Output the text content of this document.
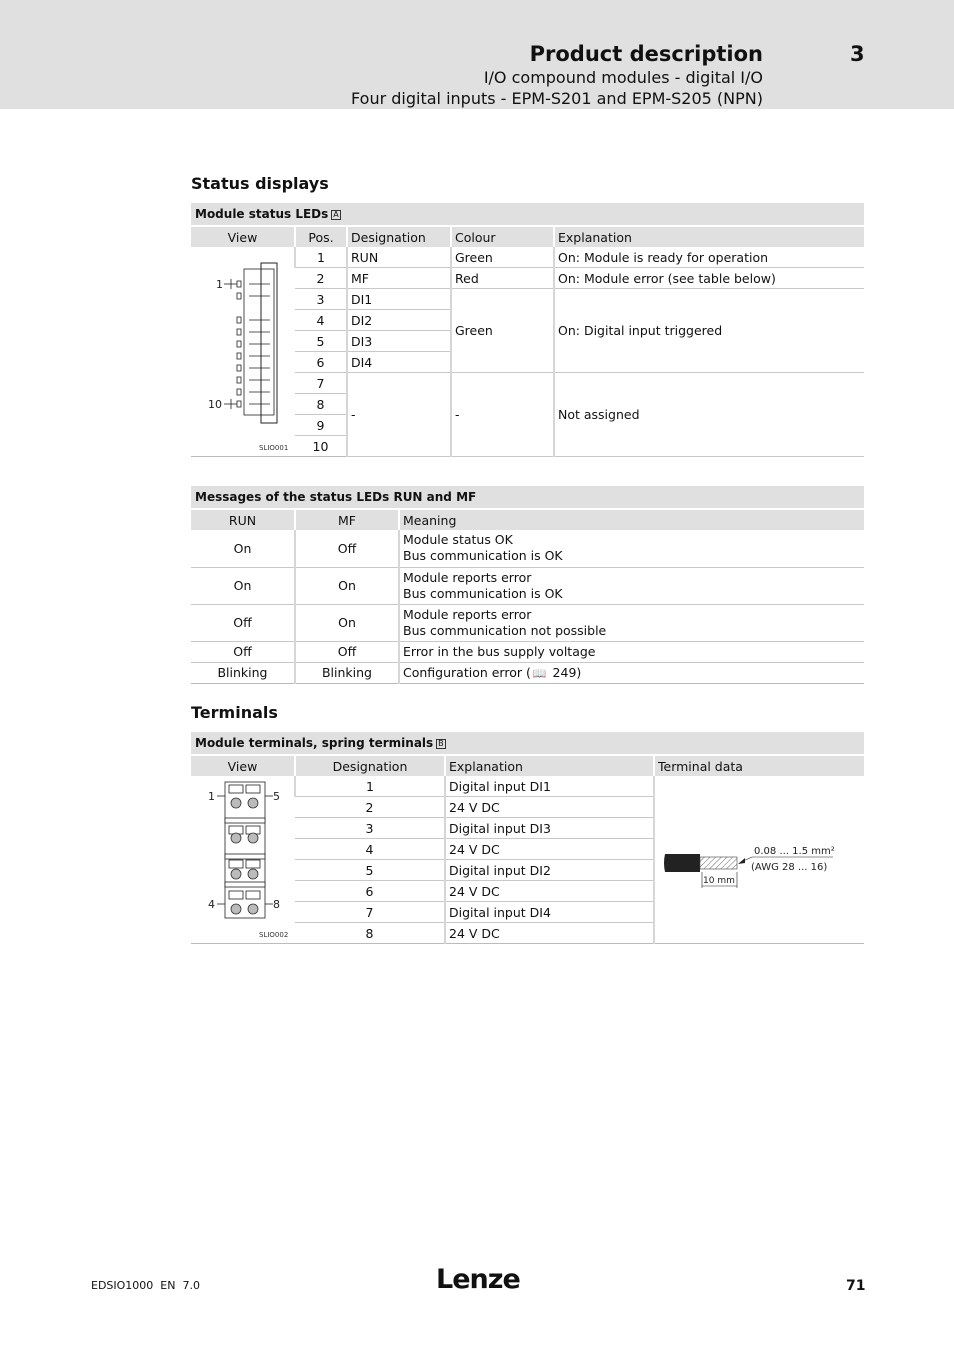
Product description	3
I/O compound modules - digital I/O
Four digital inputs - EPM-S201 and EPM-S205 (NPN)
Status displays
Module status LEDs A
View	Pos.	Designation	Colour	Explanation

1
10
SLIO001	1	RUN	Green	On: Module is ready for operation
	2	MF	Red	On: Module error (see table below)
	3	DI1	Green	On: Digital input triggered
	4	DI2		
	5	DI3		
	6	DI4		
	7	-	-	Not assigned
	8			
	9			
	10			
Messages of the status LEDs RUN and MF
RUN	MF	Meaning
On	Off	Module status OK
Bus communication is OK

On	On	Module reports error
Bus communication is OK

Off	On	Module reports error
Bus communication not possible

Off	Off	Error in the bus supply voltage
Blinking	Blinking	Configuration error ( 📖 249)
Terminals
Module terminals, spring terminals B
View	Designation	Explanation	Terminal data

1 5
4 8
SLIO002	1	Digital input DI1	10 mm
0.08 ... 1.5 mm²
(AWG 28 ... 16)

	2	24 V DC	
	3	Digital input DI3	
	4	24 V DC	
	5	Digital input DI2	
	6	24 V DC	
	7	Digital input DI4	
	8	24 V DC	
EDSIO1000  EN  7.0	Lenze	71
